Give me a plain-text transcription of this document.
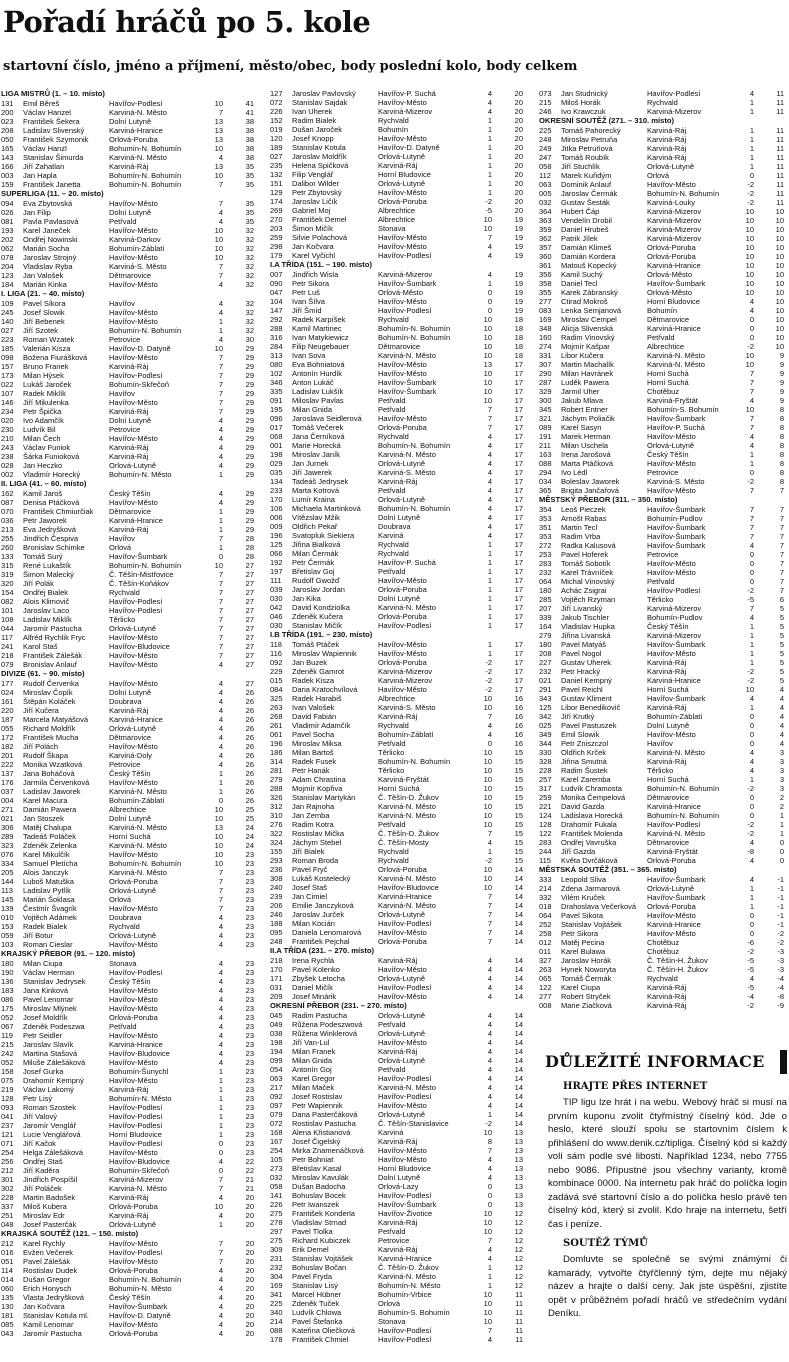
Pořadí hráčů po 5. kole
startovní číslo, jméno a příjmení, město/obec, body poslední kolo, body celkem
LIGA MISTRŮ (1. – 10. místo)
131	Emil Běreš	Havířov-Podlesí	10	41
200	Václav Hanzel	Karviná-N. Město	7	41
023	František Šekera	Dolní Lutyně	13	38
208	Ladislav Slivenský	Karviná-Hranice	13	38
050	František Szymonik	Orlová-Poruba	13	38
165	Václav Hanzl	Bohumín-N. Bohumín	10	38
143	Stanislav Šimurda	Karviná-N. Město	4	38
166	Jiří Zahatlan	Karviná-Ráj	13	35
003	Jan Hapla	Bohumín-N. Bohumín	10	35
159	František Janetta	Bohumín-N. Bohumín	7	35
SUPERLIGA (11. – 20. místo)
094	Eva Zbytovská	Havířov-Město	7	35
026	Jan Filip	Dolní Lutyně	4	35
081	Pavla Pavlasová	Petřvald	4	35
193	Karel Janeček	Havířov-Město	10	32
202	Ondřej Nowinski	Karviná-Darkov	10	32
062	Marián Socha	Bohumín-Záblatí	10	32
078	Jaroslav Strojný	Havířov-Město	10	32
204	Vladislav Ryba	Karviná-S. Město	7	32
123	Jan Valošek	Dětmarovice	7	32
184	Marián Kinka	Havířov-Město	4	32
I. LIGA (21. – 40. místo)
109	Pavel Síkora	Havířov	4	32
245	Josef Slowik	Havířov-Město	4	32
140	Jiří Bebenek	Havířov-Město	1	32
027	Jiří Szotek	Bohumín-N. Bohumín	1	32
223	Roman Wzatek	Petrovice	4	30
185	Valerián Kisza	Havířov-D. Datyně	10	29
098	Božena Fiurášková	Havířov-Město	7	29
157	Bruno Franek	Karviná-Ráj	7	29
173	Milan Hýsek	Havířov-Podlesí	7	29
022	Lukáš Jaroček	Bohumín-Skřečoň	7	29
107	Radek Miklík	Havířov	7	29
146	Jiří Mikulenka	Havířov-Město	7	29
234	Petr Špička	Karviná-Ráj	7	29
020	Ivo Adamčík	Dolní Lutyně	4	29
230	Ludvík Bil	Petrovice	4	29
210	Milan Čech	Havířov-Město	4	29
243	Václav Funiok	Karviná-Ráj	4	29
238	Šárka Funioková	Karviná-Ráj	4	29
028	Jan Heczko	Orlová-Lutyně	4	29
002	Vladimír Horecký	Bohumín-N. Město	1	29
II. LIGA (41. – 60. místo)
162	Kamil Jaroš	Český Těšín	4	29
087	Denisa Ptáčková	Havířov-Město	4	29
070	František Chmiurčiak	Dětmarovice	1	29
036	Petr Jaworek	Karviná-Hranice	1	29
213	Eva Jedryšková	Karviná-Ráj	1	29
255	Jindřich Čespiva	Havířov	7	28
260	Bronislav Schimke	Orlová	1	28
133	Tomáš Surý	Havířov-Šumbark	0	28
315	René Lukaštík	Bohumín-N. Bohumín	10	27
319	Šimon Malecký	Č. Těšín-Mistřovice	7	27
320	Jiří Polák	Č. Těšín-Koňákov	7	27
154	Ondřej Bialek	Rychvald	7	27
082	Alois Klimovič	Havířov-Podlesí	7	27
101	Jaroslav Laco	Havířov-Podlesí	7	27
108	Ladislav Miklík	Těrlicko	7	27
044	Jaromír Pastucha	Orlová-Lutyně	7	27
117	Alfréd Rychlik Fryc	Havířov-Město	7	27
241	Karol Staš	Havířov-Bludovice	7	27
218	František Zálešák	Havířov-Město	7	27
079	Bronislav Anlauf	Havířov-Město	4	27
DIVIZE (61. – 90. místo)
177	Rudolf Červenka	Havířov-Město	4	27
024	Miroslav Čopík	Dolní Lutyně	4	26
161	Štěpán Koláček	Doubrava	4	26
220	Jiří Kučera	Karviná-Ráj	4	26
187	Marcela Matyášová	Karviná-Hranice	4	26
055	Richard Moldřík	Orlová-Lutyně	4	26
172	František Mucha	Dětmarovice	4	26
182	Jiří Polách	Havířov-Město	4	26
201	Rudolf Škapa	Karviná-Doly	4	26
222	Monika Wzatková	Petrovice	4	26
137	Jana Boháčová	Český Těšín	1	26
176	Jarmila Červenková	Havířov-Město	1	26
037	Ladislav Jaworek	Karviná-N. Město	1	26
004	Karel Macura	Bohumín-Záblatí	0	26
271	Damián Pawera	Albrechtice	10	25
021	Jan Stoszek	Dolní Lutyně	10	25
306	Matěj Chalupa	Karviná-N. Město	13	24
289	Tadeáš Poláček	Horní Suchá	10	24
323	Zdeněk Zelenka	Karviná-N. Město	10	24
076	Karel Mikulčík	Havířov-Město	10	23
334	Samuel Pletícha	Bohumín-N. Bohumín	10	23
205	Alois Janczyk	Karviná-N. Město	7	23
144	Luboš Matuška	Orlová-Poruba	7	23
113	Ladislav Pytlík	Orlová-Lutyně	7	23
145	Marián Šoklasa	Orlová	7	23
139	Čestmír Švagrík	Havířov-Město	7	23
010	Vojtěch Adámek	Doubrava	4	23
153	Radek Bialek	Rychvald	4	23
059	Jiří Botur	Orlová-Lutyně	4	23
103	Roman Cieslar	Havířov-Město	4	23
KRAJSKÝ PŘEBOR (91. – 120. místo)
180	Milan Ciupa	Stonava	4	23
190	Václav Herman	Havířov-Podlesí	4	23
136	Stanislav Jedrysek	Český Těšín	4	23
183	Jana Kinková	Havířov-Město	4	23
086	Pavel Lenomar	Havířov-Město	4	23
175	Miroslav Mlýnek	Havířov-Město	4	23
052	Josef Moldřík	Orlová-Poruba	4	23
067	Zdeněk Podeszwa	Petřvald	4	23
119	Petr Seidler	Havířov-Město	4	23
215	Jaroslav Slavík	Karviná-Hranice	4	23
242	Martina Stašová	Havířov-Bludovice	4	23
052	Miluše Zálešáková	Havířov-Město	4	23
158	Josef Gurka	Bohumín-Šunychl	1	23
075	Drahomír Kempný	Havířov-Město	1	23
219	Václav Lakomý	Karviná-Ráj	1	23
128	Petr Lisý	Bohumín-N. Město	1	23
093	Roman Szostek	Havířov-Podlesí	1	23
041	Jiří Valový	Havířov-Podlesí	1	23
237	Jaromír Venglář	Havířov-Podlesí	1	23
121	Lucie Venglářová	Horní Bludovice	1	23
071	Jiří Kačok	Havířov-Podlesí	0	23
254	Helga Zálešáková	Havířov-Město	0	23
256	Ondřej Staš	Havířov-Bludovice	4	22
212	Jiří Kaděra	Bohumín-Skřečoň	0	22
301	Jindřich Pospíšil	Karviná-Mizerov	7	21
302	Jiří Poláček	Karviná-N. Město	7	21
228	Martin Badošek	Karviná-Ráj	4	20
337	Miloš Kubera	Orlová-Poruba	10	20
251	Miroslav Edr	Karviná-Ráj	4	20
048	Josef Pasterčák	Orlová-Lutyně	1	20
KRAJSKÁ SOUTĚŽ (121. – 150. místo)
212	Karel Rychly	Havířov-Město	7	20
016	Evžen Večerek	Havířov-Podlesí	7	20
051	Pavel Zálešák	Havířov-Město	7	20
114	Rostislav Dudek	Orlová-Poruba	4	20
014	Dušan Gregor	Bohumín-N. Bohumín	4	20
060	Erich Honysch	Bohumín-N. Město	4	20
135	Vlasta Jedryšková	Český Těšín	4	20
130	Jan Kočvara	Havířov-Šumbark	4	20
181	Stanislav Kotula ml.	Havířov-D. Datyně	4	20
085	Kamil Lenomar	Havířov-Město	4	20
043	Jaromír Pastucha	Orlová-Poruba	4	20
127	Jaroslav Pavlovský	Havířov-P. Suchá	4	20
072	Stanislav Sajdak	Havířov-Město	4	20
226	Ivan Uherek	Karviná-Mizerov	4	20
152	Radim Bialek	Rychvald	1	20
019	Dušan Jaroček	Bohumín	1	20
120	Josef Knopp	Havířov-Město	1	20
189	Stanislav Kotula	Havířov-D. Datyně	1	20
027	Jaroslav Moldřík	Orlová-Lutyně	1	20
235	Helena Spičková	Karviná-Ráj	1	20
132	Filip Venglář	Horní Bludovice	1	20
151	Dalibor Wilder	Orlová-Lutyně	1	20
129	Petr Zbytovský	Havířov-Město	1	20
174	Jaroslav Ličík	Orlová-Poruba	-2	20
269	Gabriel Moj	Albrechtice	-5	20
270	František Demel	Albrechtice	10	19
203	Šimon Mičík	Stonava	10	19
259	Silvie Polachová	Havířov-Město	7	19
298	Jan Kočvara	Havířov-Město	4	19
179	Karel Vyčichl	Havířov-Podlesí	4	19
I.A TŘÍDA (151. – 190. místo)
007	Jindřich Wisla	Karviná-Mizerov	4	19
090	Petr Sikora	Havířov-Šumbark	1	19
047	Petr Luš	Orlová-Město	0	19
104	Ivan Šílva	Havířov-Město	0	19
147	Jiří Šmíd	Havířov-Podlesí	0	19
292	Radek Karpíšek	Rychvald	10	18
288	Kamil Martinec	Bohumín-N. Bohumín	10	18
316	Ivan Matykiewicz	Bohumín-N. Bohumín	10	18
284	Filip Neugebauer	Dětmarovice	10	18
313	Ivan Sova	Karviná-N. Město	10	18
080	Eva Bohniatová	Havířov-Město	13	17
102	Antonín Hurdík	Havířov-Město	10	17
346	Anton Lukáč	Havířov-Šumbark	10	17
335	Ladislav Lukšík	Havířov-Šumbark	10	17
091	Miloslav Pavlas	Petřvald	10	17
195	Milan Gnida	Petřvald	7	17
096	Jaroslava Seidlerová	Havířov-Město	7	17
017	Tomáš Večerek	Orlová-Poruba	7	17
068	Jana Černíková	Rychvald	4	17
001	Marie Horecká	Bohumín-N. Bohumín	4	17
198	Miroslav Janík	Karviná-N. Město	4	17
029	Jan Jurnek	Orlová-Lutyně	4	17
035	Jiří Jawerek	Karviná-S. Město	4	17
134	Tadeáš Jedrysek	Karviná-Ráj	4	17
233	Marta Kotrová	Petřvald	4	17
170	Lumír Kraina	Orlová-Lutyně	4	17
106	Michaela Martinková	Bohumín-N. Bohumín	4	17
006	Vítězslav Mžik	Dolní Lutyně	4	17
009	Oldřich Pekař	Doubrava	4	17
196	Svatopluk Siekiera	Karviná	4	17
125	Jiřina Bialková	Rychvald	1	17
066	Milan Čermák	Rychvald	1	17
192	Petr Čermák	Havířov-P. Suchá	1	17
197	Břetislav Goj	Petřvald	1	17
111	Rudolf Gwožď	Havířov-Město	1	17
039	Jaroslav Jordan	Orlová-Poruba	1	17
030	Jan Kika	Dolní Lutyně	1	17
042	David Kondziolka	Karviná-N. Město	1	17
046	Zdeněk Kučera	Orlová-Poruba	1	17
030	Stanislav Mičík	Havířov-Podlesí	1	17
I.B TŘÍDA (191. – 230. místo)
118	Tomáš Ptáček	Havířov-Město	1	17
116	Miroslav Wapiennik	Havířov-Město	1	17
092	Jan Buzek	Orlová-Poruba	-2	17
229	Zdeněk Gamrot	Karviná-Mizerov	-2	17
015	Radek Kisza	Karviná-Mizerov	-2	17
084	Daria Kratochvílová	Havířov-Město	-2	17
325	Radek Harabiš	Albrechtice	10	16
263	Ivan Valošek	Karviná-S. Město	10	16
268	David Fabián	Karviná-Ráj	7	16
261	Vladimír Adamčík	Rychvald	4	16
061	Pavel Socha	Bohumín-Záblatí	4	16
196	Miroslav Miksa	Petřvald	0	16
186	Milan Bartoš	Těrlicko	10	15
314	Radek Fusek	Bohumín-N. Bohumín	10	15
281	Petr Hanák	Těrlicko	10	15
279	Adam Chrastina	Karviná-Fryštát	10	15
288	Mojmír Kopřiva	Horní Suchá	10	15
326	Stanislav Martykán	Č. Těšín-D. Žukov	10	15
312	Jan Rajnoha	Karviná-N. Město	10	15
310	Jan Zemba	Karviná-N. Město	10	15
276	Radim Kotra	Petřvald	10	15
322	Rostislav Mička	Č. Těšín-D. Žukov	7	15
324	Jáchym Stebel	Č. Těšín-Mosty	4	15
155	Jiří Bialek	Rychvald	1	15
293	Roman Broda	Rychvald	-2	15
236	Pavel Fryč	Orlová-Poruba	10	14
308	Lukáš Kostelecký	Karviná-N. Město	10	14
240	Josef Staš	Havířov-Bludovice	10	14
239	Jan Cimiel	Karviná-Hranice	7	14
206	Emilie Janczyková	Karviná-N. Město	7	14
246	Jaroslav Jurček	Orlová-Lutyně	7	14
188	Milan Kocián	Havířov-Podlesí	7	14
095	Daniela Lenomarová	Havířov-Město	7	14
248	František Pejchal	Orlová-Poruba	7	14
II.A TŘÍDA (231. – 270. místo)
218	Irena Rychlá	Karviná-Ráj	4	14
170	Pavel Kolenko	Havířov-Město	4	14
171	Zbyšek Letocha	Orlová-Lutyně	4	14
031	Daniel Mičík	Havířov-Podlesí	4	14
209	Josef Minárik	Havířov-Město	4	14
OKRESNÍ PŘEBOR (231. – 270. místo)
045	Radim Pastucha	Orlová-Lutyně	4	14
049	Růžena Podeszwová	Petřvald	4	14
038	Růžena Winklerová	Orlová-Lutyně	4	14
198	Jiří Van-Lul	Havířov-Město	4	14
194	Milan Franek	Karviná-Ráj	4	14
099	Milan Gnida	Orlová-Lutyně	4	14
054	Antonín Goj	Petřvald	4	14
063	Karel Gregor	Havířov-Podlesí	4	14
217	Milan Maček	Karviná-N. Město	4	14
092	Josef Rostislav	Havířov-Podlesí	4	14
097	Petr Wapiennik	Havířov-Město	4	14
079	Dana Pasterčáková	Orlová-Lutyně	1	14
072	Rostislav Pastucha	Č. Těšín-Stanislavice	-2	14
168	Alena Křistianová	Karviná	10	13
167	Josef Čigelský	Karviná-Ráj	8	13
254	Mirka Znamenáčková	Havířov-Město	7	13
105	Petr Bohniat	Havířov-Město	4	13
273	Břetislav Kasal	Horní Bludovice	4	13
032	Miroslav Kavulák	Dolní Lutyně	4	13
058	Dušan Badocha	Orlová-Lazy	0	13
141	Bohuslav Bocek	Havířov-Podlesí	0	13
226	Petr Iwanszek	Havířov-Šumbark	0	13
275	František Konderla	Havířov-Životice	10	12
278	Vladislav Strnad	Karviná-Ráj	10	12
297	Pavel Tlolka	Petřvald	10	12
275	Richard Kubiczek	Petrovice	7	12
309	Erik Demel	Karviná-Ráj	4	12
231	Stanislav Vojtášek	Karviná-Hranice	4	12
232	Bohuslav Bočan	Č. Těšín-D. Žukov	1	12
304	Pavel Fryda	Karviná-N. Město	1	12
169	Stanislav Lisý	Bohumín-N. Město	1	12
341	Marcel Hübner	Bohumín-Vrbice	10	11
225	Zdeněk Tuček	Orlová	10	11
340	Ludvík Chlowa	Bohumín-S. Bohumín	10	11
214	Pavel Štefanka	Stonava	10	11
088	Kateřina Oliečková	Havířov-Podlesí	7	11
178	František Chmiel	Havířov-Podlesí	4	11
073	Jan Studnický	Havířov-Podlesí	4	11
215	Miloš Horák	Rychvald	1	11
246	Ivo Krawczuk	Karviná-Mizerov	1	11
OKRESNÍ SOUTĚŽ (271. – 310. místo)
225	Tomáš Pahorecký	Karviná-Ráj	1	11
248	Miroslav Petruňa	Karviná-Ráj	1	11
249	Jitka Petruňová	Karviná-Ráj	1	11
247	Tomáš Roubík	Karviná-Ráj	1	11
058	Jiří Stuchlík	Orlová-Lutyně	1	11
112	Marek Kuřidým	Orlová	0	11
063	Dominik Anlauf	Havířov-Město	-2	11
005	Jaroslav Čermák	Bohumín-N. Bohumín	-2	11
032	Gustav Šesták	Karviná-Louky	-2	11
364	Hubert Čáp	Karviná-Mizerov	10	10
363	Vendelín Drobil	Karviná-Mizerov	10	10
359	Daniel Hrubeš	Karviná-Mizerov	10	10
362	Patrik Jílek	Karviná-Mizerov	10	10
357	Damián Klimeš	Orlová-Poruba	10	10
360	Damián Kordera	Orlová-Poruba	10	10
361	Matouš Kopecký	Karviná-Hranice	10	10
356	Kamil Suchý	Orlová-Město	10	10
358	Daniel Tecl	Havířov-Šumbark	10	10
355	Karek Zábranský	Orlová-Město	10	10
277	Ctirad Mokroš	Horní Bludovice	4	10
083	Lenka Semjanová	Bohumín	4	10
169	Miroslav Cempel	Dětmarovice	0	10
348	Alicja Slivenská	Karviná-Hranice	0	10
160	Radim Vinovský	Petřvald	0	10
274	Mojmír Kašpar	Albrechtice	-2	10
331	Libor Kučera	Karviná-N. Město	10	9
307	Martin Machalík	Karviná-N. Město	10	9
290	Milan Havránek	Horní Suchá	7	9
287	Luděk Pawera	Horní Suchá	7	9
329	Jarmil Uher	Chotěbuz	7	9
300	Jakub Mlava	Karviná-Fryštát	4	9
345	Robert Entner	Bohumín-S. Bohumín	10	8
321	Jáchym Poliačik	Havířov-Šumbark	7	8
089	Karel Sasyn	Havířov-P. Suchá	7	8
191	Marek Herman	Havířov-Město	4	8
211	Milan Uschela	Orlová-Lutyně	4	8
163	Irena Jarošová	Český Těšín	1	8
088	Marta Ptáčková	Havířov-Město	1	8
294	Ivo Lédl	Petrovice	0	8
034	Boleslav Jaworek	Karviná-S. Město	-2	8
365	Brigita Jančařová	Havířov-Město	7	7
MĚSTSKÝ PŘEBOR (311. – 350. místo)
354	Leoš Pieczek	Havířov-Šumbark	7	7
353	Arnošt Rabas	Bohumín-Pudlov	7	7
351	Martin Tecl	Havířov-Šumbark	7	7
353	Radim Vrba	Havířov-Šumbark	7	7
272	Radka Kalusová	Havířov-Šumbark	4	7
253	Pavel Hoferek	Petrovice	0	7
283	Tomáš Sobotík	Havířov-Město	0	7
232	Karel Trávníček	Havířov-Město	0	7
064	Michal Vinovský	Petřvald	0	7
180	Achác Zsigrai	Havířov-Podlesí	-2	7
285	Vojtěch Rzyman	Těrlicko	-5	6
207	Jiří Livanský	Karviná-Mizerov	7	5
339	Jakub Tischler	Bohumín-Pudlov	4	5
164	Vladislav Hupka	Český Těšín	1	5
279	Jiřina Livanská	Karviná-Mizerov	1	5
180	Pavel Matyáš	Havířov-Šumbark	1	5
208	Pavel Nogol	Havířov-Město	1	5
227	Gustav Uherek	Karviná-Ráj	1	5
232	Petr Hracký	Karviná-Ráj	-2	5
021	Daniel Kempný	Karviná-Hranice	-2	5
291	Pavel Reichl	Horní Suchá	10	4
343	Gustav Kliment	Havířov-Šumbark	4	4
125	Libor Benedikovič	Karviná-Ráj	1	4
342	Jiří Krutký	Bohumín-Záblatí	0	4
025	Pavel Pastuszek	Dolní Lutyně	0	4
349	Emil Slowik	Havířov-Město	0	4
344	Petr Zniszczol	Havířov	0	4
330	Oldřich Krček	Karviná-N. Město	4	3
328	Jiřina Smutná	Karviná-Ráj	4	3
228	Radim Šustek	Těrlicko	4	3
257	Karel Zaremba	Horní Suchá	1	3
317	Ludvík Chramosta	Bohumín-N. Bohumín	-2	3
259	Monika Čempelová	Dětmarovice	0	2
221	David Gazda	Karviná-Hranice	0	2
124	Ladislava Horecká	Bohumín-N. Bohumín	0	1
128	Drahomír Fukala	Havířov-Podlesí	-2	1
122	František Molenda	Karviná-N. Město	-2	1
283	Ondřej Vavruška	Dětmarovice	4	0
244	Jiří Gazda	Karviná-Fryštát	-8	0
115	Květa Dvrčáková	Orlová-Poruba	4	0
MĚSTSKÁ SOUTĚŽ (351. – 365. místo)
333	Leopold Sliva	Havířov-Šumbark	4	-1
214	Zdena Jarmarová	Orlová-Lutyně	1	-1
332	Vilém Kruček	Havířov-Šumbark	1	-1
018	Drahoslava Večerková	Orlová-Poruba	1	-1
064	Pavel Sikora	Havířov-Město	0	-1
252	Stanislav Vojtášek	Karviná-Hranice	0	-1
258	Petr Sikora	Havířov-Město	0	-2
012	Matěj Pecina	Chotěbuz	-6	-2
011	Karel Bulawa	Chotěbuz	-2	-3
327	Jaroslav Horák	Č. Těšín-H. Žukov	-5	-3
263	Hynek Noworyta	Č. Těšín-H. Žukov	-5	-3
065	Tomáš Čermák	Rychvald	4	-4
122	Karel Ciupa	Karviná-Ráj	-5	-4
277	Robert Stryček	Karviná-Ráj	-4	-8
008	Marie Ziačková	Karviná-Ráj	-2	-9
DŮLEŽITÉ INFORMACE
HRAJTE PŘES INTERNET

TIP ligu lze hrát i na webu. Webový hráč si musí na prvním kuponu zvolit čtyřmístný číselný kód. Jde o heslo, které slouží spolu se startovním číslem k přihlášení do www.denik.cz/tipliga. Číselný kód si každý volí sám podle své libosti. Například 1234, nebo 7755 nebo 9086. Přípustné jsou všechny varianty, kromě kombinace 0000. Na internetu pak hráč do políčka login zadává své startovní číslo a do políčka heslo právě ten číselný kód, který si zvolil. Kdo hraje na internetu, šetří čas i peníze.

SOUTĚŽ TÝMŮ

Domluvte se společně se svými známými či kamarády, vytvořte čtyřčlenný tým, dejte mu nějaký název a hrajte o další ceny. Jak jste úspěšní, zjistíte opět v průběžném pořadí hráčů ve středečním vydání Deníku.
